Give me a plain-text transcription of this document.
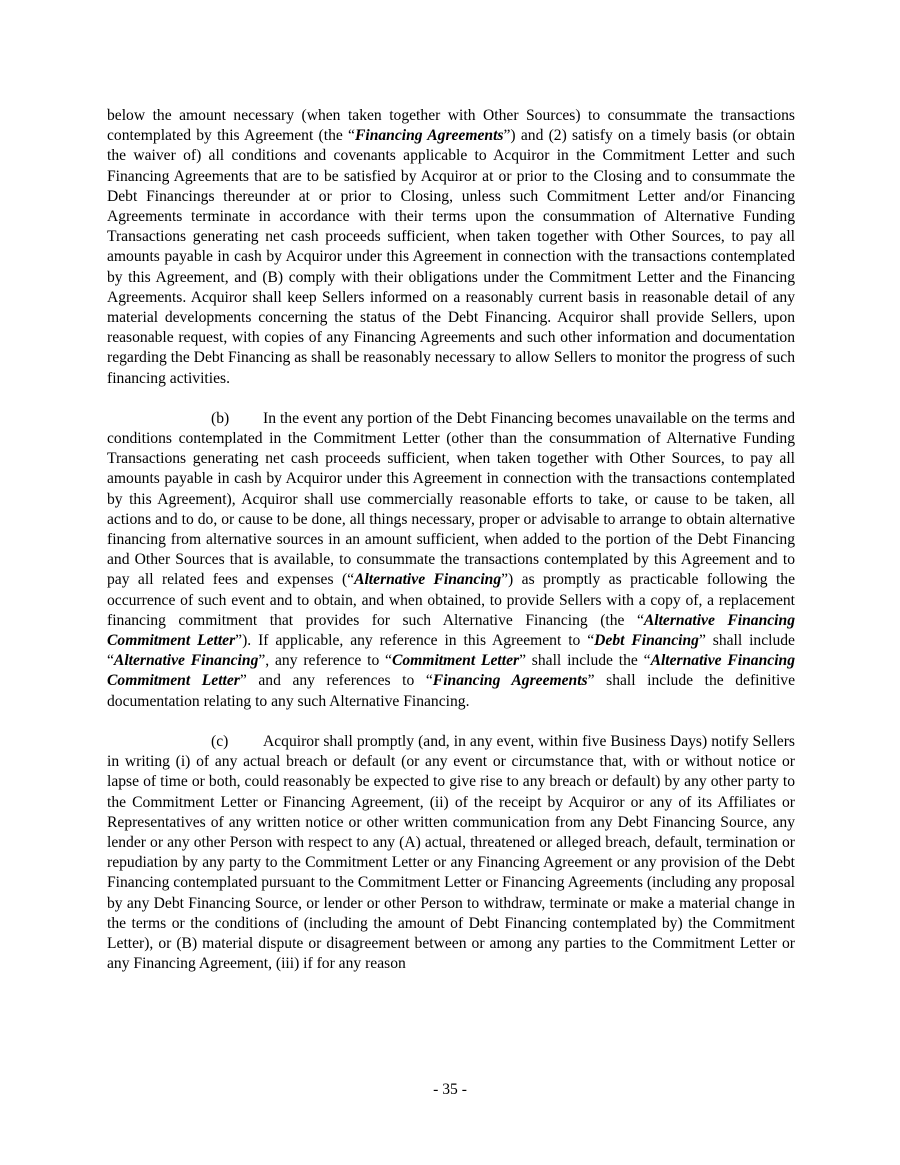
below the amount necessary (when taken together with Other Sources) to consummate the transactions contemplated by this Agreement (the “Financing Agreements”) and (2) satisfy on a timely basis (or obtain the waiver of) all conditions and covenants applicable to Acquiror in the Commitment Letter and such Financing Agreements that are to be satisfied by Acquiror at or prior to the Closing and to consummate the Debt Financings thereunder at or prior to Closing, unless such Commitment Letter and/or Financing Agreements terminate in accordance with their terms upon the consummation of Alternative Funding Transactions generating net cash proceeds sufficient, when taken together with Other Sources, to pay all amounts payable in cash by Acquiror under this Agreement in connection with the transactions contemplated by this Agreement, and (B) comply with their obligations under the Commitment Letter and the Financing Agreements. Acquiror shall keep Sellers informed on a reasonably current basis in reasonable detail of any material developments concerning the status of the Debt Financing. Acquiror shall provide Sellers, upon reasonable request, with copies of any Financing Agreements and such other information and documentation regarding the Debt Financing as shall be reasonably necessary to allow Sellers to monitor the progress of such financing activities.

(b) In the event any portion of the Debt Financing becomes unavailable on the terms and conditions contemplated in the Commitment Letter (other than the consummation of Alternative Funding Transactions generating net cash proceeds sufficient, when taken together with Other Sources, to pay all amounts payable in cash by Acquiror under this Agreement in connection with the transactions contemplated by this Agreement), Acquiror shall use commercially reasonable efforts to take, or cause to be taken, all actions and to do, or cause to be done, all things necessary, proper or advisable to arrange to obtain alternative financing from alternative sources in an amount sufficient, when added to the portion of the Debt Financing and Other Sources that is available, to consummate the transactions contemplated by this Agreement and to pay all related fees and expenses (“Alternative Financing”) as promptly as practicable following the occurrence of such event and to obtain, and when obtained, to provide Sellers with a copy of, a replacement financing commitment that provides for such Alternative Financing (the “Alternative Financing Commitment Letter”). If applicable, any reference in this Agreement to “Debt Financing” shall include “Alternative Financing”, any reference to “Commitment Letter” shall include the “Alternative Financing Commitment Letter” and any references to “Financing Agreements” shall include the definitive documentation relating to any such Alternative Financing.

(c) Acquiror shall promptly (and, in any event, within five Business Days) notify Sellers in writing (i) of any actual breach or default (or any event or circumstance that, with or without notice or lapse of time or both, could reasonably be expected to give rise to any breach or default) by any other party to the Commitment Letter or Financing Agreement, (ii) of the receipt by Acquiror or any of its Affiliates or Representatives of any written notice or other written communication from any Debt Financing Source, any lender or any other Person with respect to any (A) actual, threatened or alleged breach, default, termination or repudiation by any party to the Commitment Letter or any Financing Agreement or any provision of the Debt Financing contemplated pursuant to the Commitment Letter or Financing Agreements (including any proposal by any Debt Financing Source, or lender or other Person to withdraw, terminate or make a material change in the terms or the conditions of (including the amount of Debt Financing contemplated by) the Commitment Letter), or (B) material dispute or disagreement between or among any parties to the Commitment Letter or any Financing Agreement, (iii) if for any reason

- 35 -
